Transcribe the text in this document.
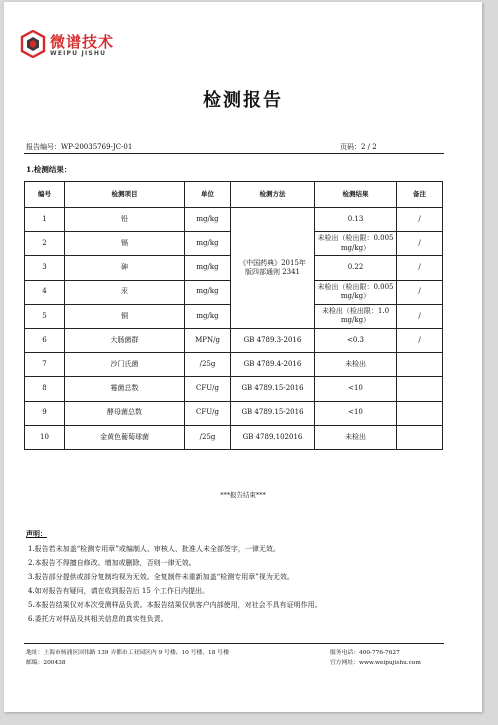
微谱技术
WEIPU JISHU
检测报告
报告编号：WP-20035769-JC-01	页码：2 / 2
1.检测结果：
编号	检测项目	单位	检测方法	检测结果	备注
1	铅	mg/kg	《中国药典》2015年版四部通则 2341	0.13	/
2	镉	mg/kg		未检出（检出限：0.005 mg/kg）	/
3	砷	mg/kg		0.22	/
4	汞	mg/kg		未检出（检出限：0.005 mg/kg）	/
5	铜	mg/kg		未检出（检出限：1.0 mg/kg）	/
6	大肠菌群	MPN/g	GB 4789.3-2016	<0.3	/
7	沙门氏菌	/25g	GB 4789.4-2016	未检出	
8	霉菌总数	CFU/g	GB 4789.15-2016	<10	
9	酵母菌总数	CFU/g	GB 4789.15-2016	<10	
10	金黄色葡萄球菌	/25g	GB 4789.102016	未检出	
***报告结束***
声明：
1.报告若未加盖“检测专用章”或编制人、审核人、批准人未全部签字，一律无效。
2.本报告不得擅自修改、增加或删除，否则一律无效。
3.报告部分提供或部分复制均视为无效。全复制件未重新加盖“检测专用章”视为无效。
4.如对报告有疑问，请在收到报告后 15 个工作日内提出。
5.本报告结果仅对本次受测样品负责。本报告结果仅供客户内部使用，对社会不具有证明作用。
6.委托方对样品及其相关信息的真实性负责。
地址：上海市杨浦区国伟路 139 弄都市工业园区内 9 号楼、10 号楼、18 号楼
邮编：200438
服务电话：400-776-7627
官方网址：www.weipujishu.com
